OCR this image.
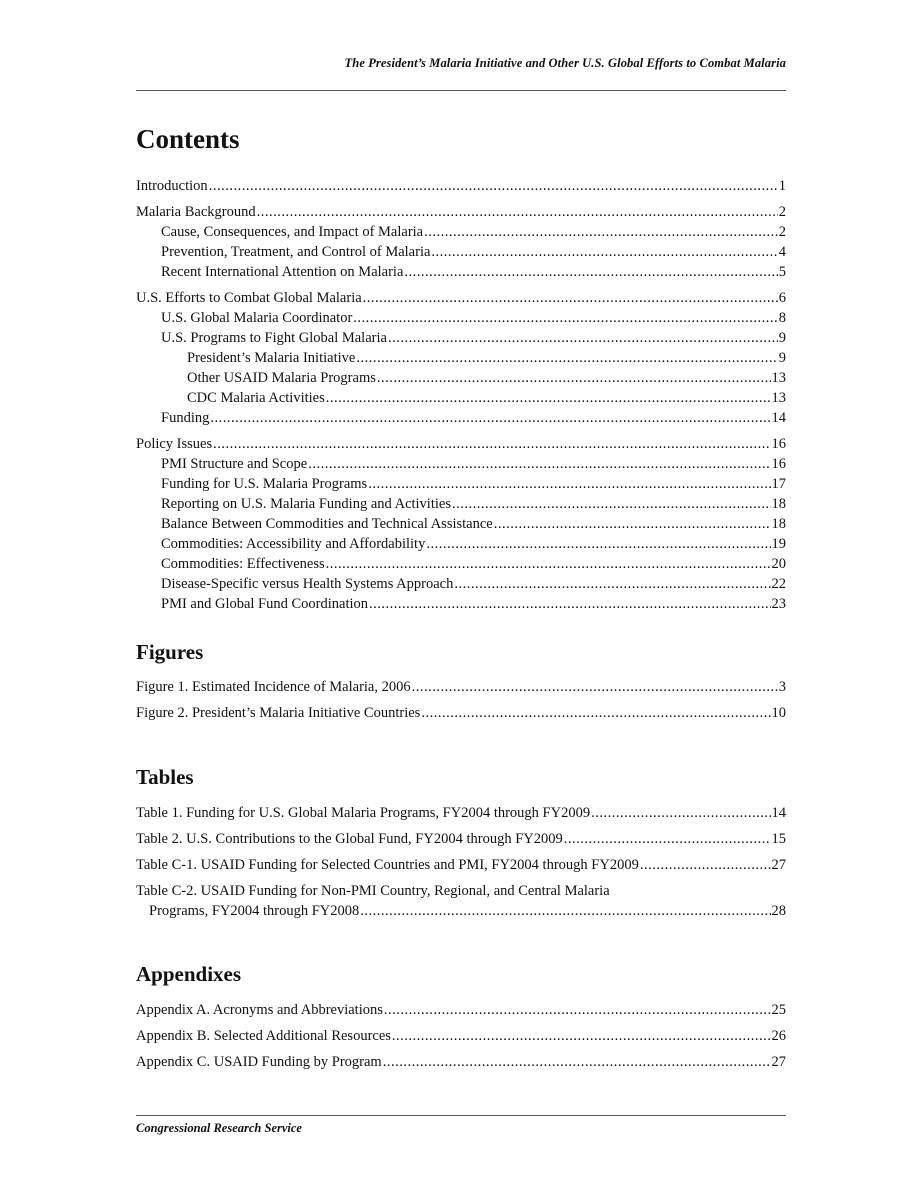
The President’s Malaria Initiative and Other U.S. Global Efforts to Combat Malaria
Contents
Introduction .....	1
Malaria Background .....	2
Cause, Consequences, and Impact of Malaria .....	2
Prevention, Treatment, and Control of Malaria .....	4
Recent International Attention on Malaria .....	5
U.S. Efforts to Combat Global Malaria .....	6
U.S. Global Malaria Coordinator .....	8
U.S. Programs to Fight Global Malaria .....	9
President’s Malaria Initiative .....	9
Other USAID Malaria Programs .....	13
CDC Malaria Activities .....	13
Funding .....	14
Policy Issues .....	16
PMI Structure and Scope .....	16
Funding for U.S. Malaria Programs .....	17
Reporting on U.S. Malaria Funding and Activities .....	18
Balance Between Commodities and Technical Assistance .....	18
Commodities: Accessibility and Affordability .....	19
Commodities: Effectiveness .....	20
Disease-Specific versus Health Systems Approach .....	22
PMI and Global Fund Coordination .....	23
Figures
Figure 1. Estimated Incidence of Malaria, 2006 .....	3
Figure 2. President’s Malaria Initiative Countries .....	10
Tables
Table 1. Funding for U.S. Global Malaria Programs, FY2004 through FY2009 .....	14
Table 2. U.S. Contributions to the Global Fund, FY2004 through FY2009 .....	15
Table C-1. USAID Funding for Selected Countries and PMI, FY2004 through FY2009 .....	27
Table C-2. USAID Funding for Non-PMI Country, Regional, and Central Malaria
Programs, FY2004 through FY2008 .....	28
Appendixes
Appendix A. Acronyms and Abbreviations .....	25
Appendix B. Selected Additional Resources .....	26
Appendix C. USAID Funding by Program .....	27
Congressional Research Service
